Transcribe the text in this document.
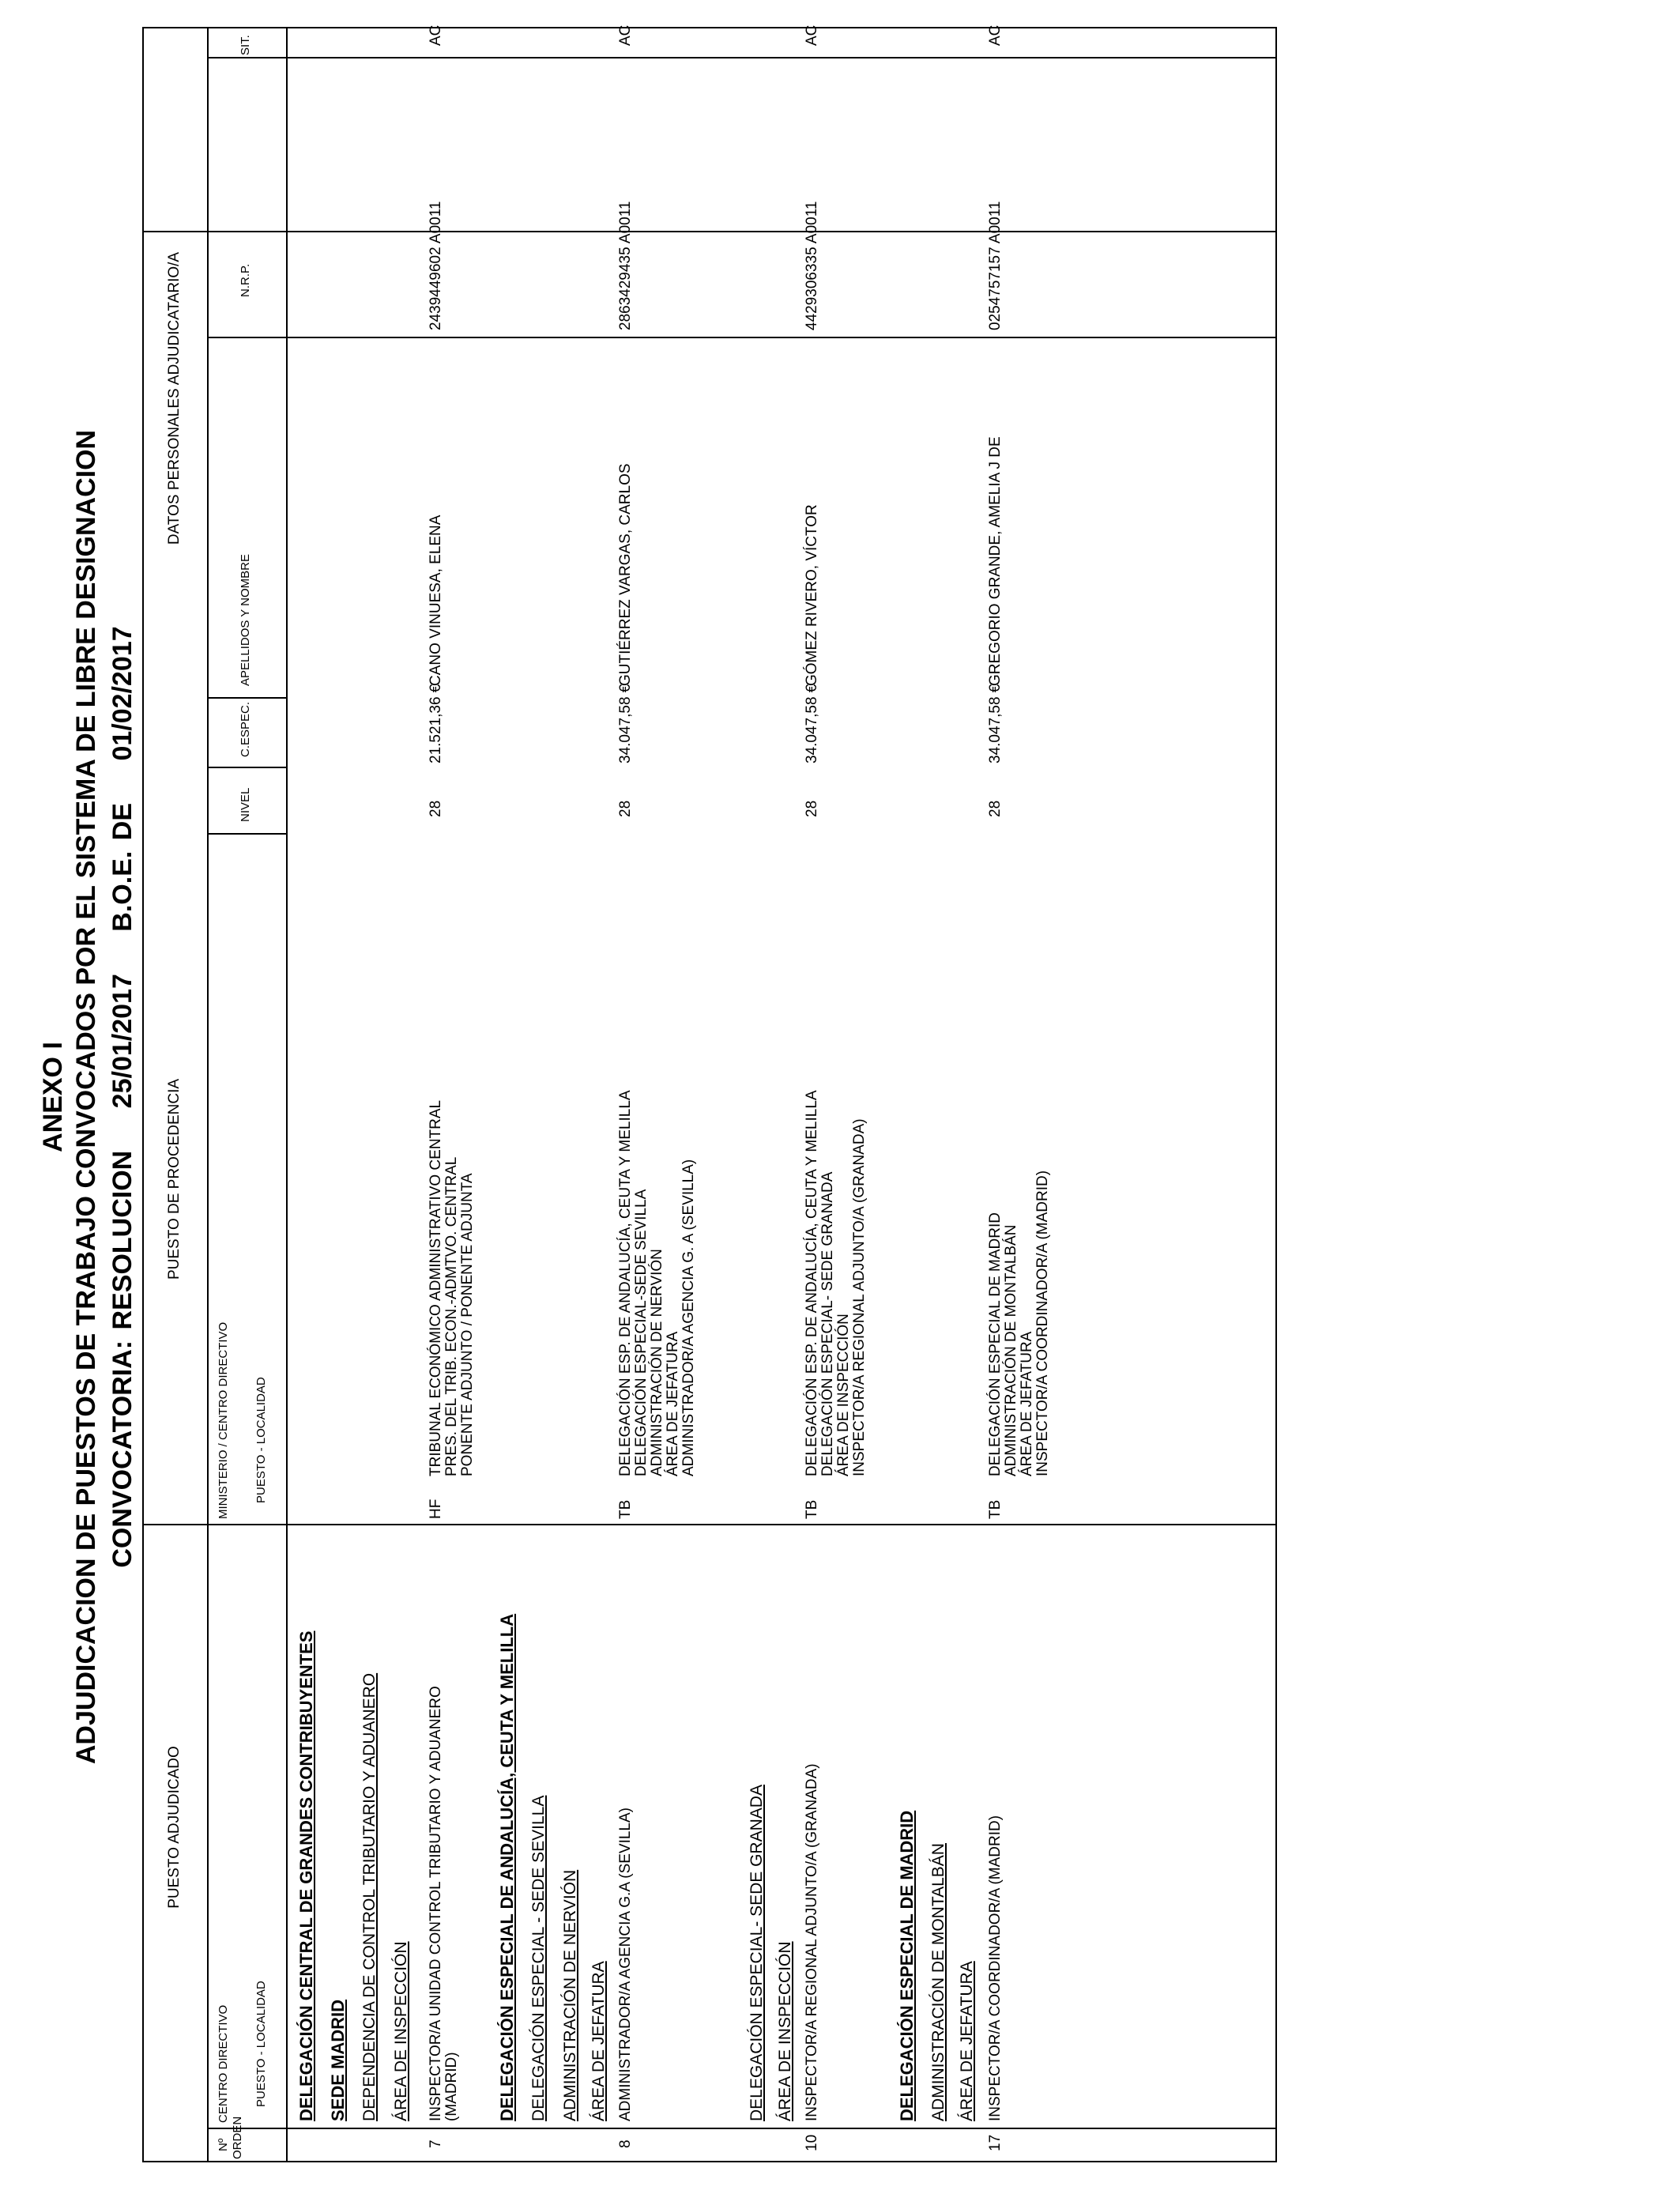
ANEXO I ADJUDICACION DE PUESTOS DE TRABAJO CONVOCADOS POR EL SISTEMA DE LIBRE DESIGNACION CONVOCATORIA: RESOLUCION 25/01/2017 B.O.E. DE 01/02/2017
PUESTO ADJUDICADO
PUESTO DE PROCEDENCIA
DATOS PERSONALES ADJUDICATARIO/A
Nº ORDEN
CENTRO DIRECTIVO PUESTO - LOCALIDAD
MINISTERIO / CENTRO DIRECTIVO PUESTO - LOCALIDAD
NIVEL
C.ESPEC.
APELLIDOS Y NOMBRE
N.R.P.
SIT.
DELEGACIÓN CENTRAL DE GRANDES CONTRIBUYENTES SEDE MADRID DEPENDENCIA DE CONTROL TRIBUTARIO Y ADUANERO ÁREA DE INSPECCIÓN
7
INSPECTOR/A UNIDAD CONTROL TRIBUTARIO Y ADUANERO (MADRID)
HF
TRIBUNAL ECONÓMICO ADMINISTRATIVO CENTRAL PRES. DEL TRIB. ECON.-ADMTVO. CENTRAL PONENTE ADJUNTO / PONENTE ADJUNTA
28
21.521,36 €
CANO VINUESA, ELENA
2439449602 A0011
AC
DELEGACIÓN ESPECIAL DE ANDALUCÍA, CEUTA Y MELILLA DELEGACIÓN ESPECIAL - SEDE SEVILLA ADMINISTRACIÓN DE NERVIÓN ÁREA DE JEFATURA
8
ADMINISTRADOR/A AGENCIA G.A (SEVILLA)
TB
DELEGACIÓN ESP. DE ANDALUCÍA, CEUTA Y MELILLA DELEGACIÓN ESPECIAL-SEDE SEVILLA ADMINISTRACIÓN DE NERVIÓN ÁREA DE JEFATURA ADMINISTRADOR/A AGENCIA G. A (SEVILLA)
28
34.047,58 €
GUTIÉRREZ VARGAS, CARLOS
2863429435 A0011
AC
DELEGACIÓN ESPECIAL- SEDE GRANADA ÁREA DE INSPECCIÓN
10
INSPECTOR/A REGIONAL ADJUNTO/A (GRANADA)
TB
DELEGACIÓN ESP. DE ANDALUCÍA, CEUTA Y MELILLA DELEGACIÓN ESPECIAL- SEDE GRANADA ÁREA DE INSPECCIÓN INSPECTOR/A REGIONAL ADJUNTO/A (GRANADA)
28
34.047,58 €
GÓMEZ RIVERO, VÍCTOR
4429306335 A0011
AC
DELEGACIÓN ESPECIAL DE MADRID ADMINISTRACIÓN DE MONTALBÁN ÁREA DE JEFATURA
17
INSPECTOR/A COORDINADOR/A (MADRID)
TB
DELEGACIÓN ESPECIAL DE MADRID ADMINISTRACIÓN DE MONTALBÁN ÁREA DE JEFATURA INSPECTOR/A COORDINADOR/A (MADRID)
28
34.047,58 €
GREGORIO GRANDE, AMELIA J DE
0254757157 A0011
AC
